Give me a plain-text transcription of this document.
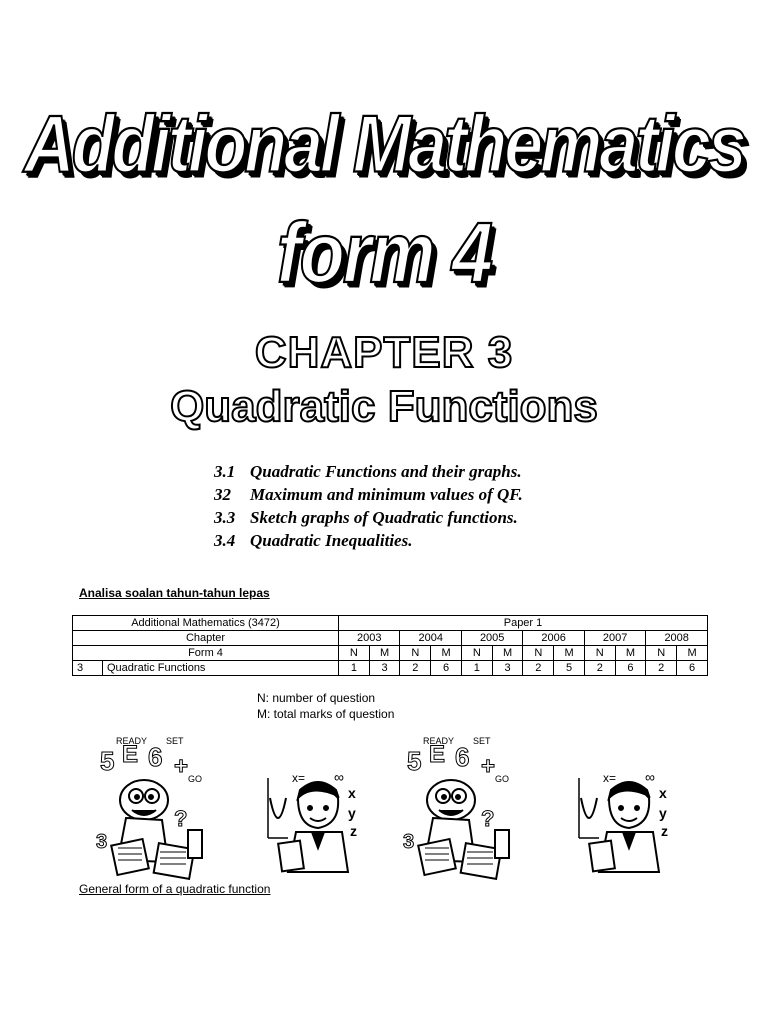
Additional Mathematics
form 4
CHAPTER 3
Quadratic Functions
3.1 Quadratic Functions and their graphs.
32 Maximum and minimum values of QF.
3.3 Sketch graphs of Quadratic functions.
3.4 Quadratic Inequalities.

Analisa soalan tahun-tahun lepas

Additional Mathematics (3472)		Paper 1											
Chapter		2003		2004		2005		2006		2007		2008	
Form 4		N	M	N	M	N	M	N	M	N	M	N	M
3	Quadratic Functions	1	3	2	6	1	3	2	5	2	6	2	6
N: number of question
M: total marks of question
READY SET
GO
5 E 6 +
?
3
x= ∞
x
y
z
READY SET
GO
5 E 6 +
?
3
x= ∞
x
y
z

General form of a quadratic function
